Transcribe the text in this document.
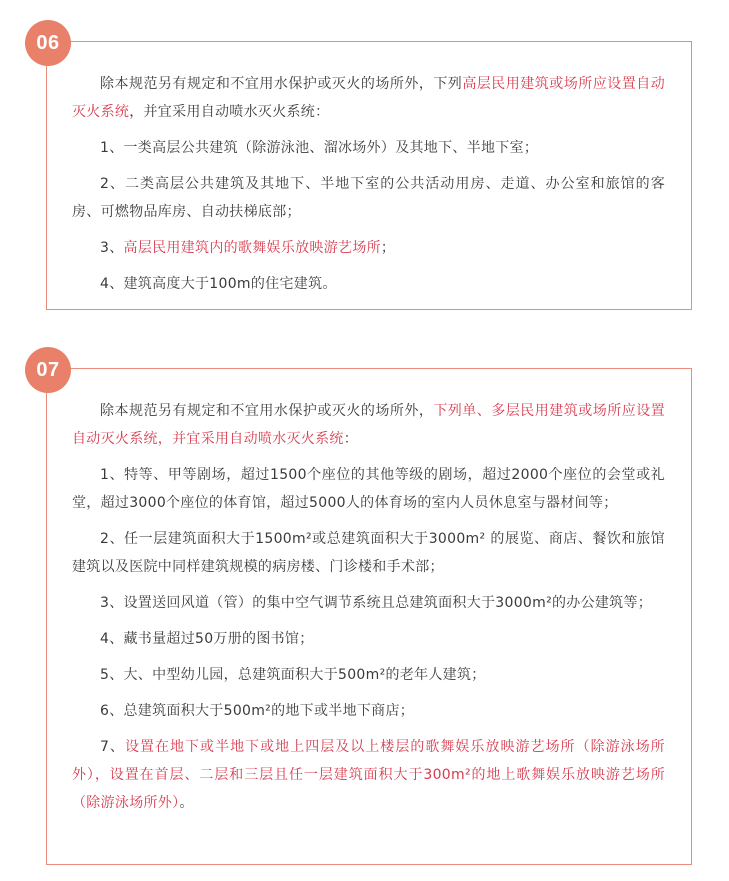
06

除本规范另有规定和不宜用水保护或灭火的场所外，下列高层民用建筑或场所应设置自动灭火系统，并宜采用自动喷水灭火系统：

1、一类高层公共建筑（除游泳池、溜冰场外）及其地下、半地下室；

2、二类高层公共建筑及其地下、半地下室的公共活动用房、走道、办公室和旅馆的客房、可燃物品库房、自动扶梯底部；

3、高层民用建筑内的歌舞娱乐放映游艺场所；

4、建筑高度大于100m的住宅建筑。

07

除本规范另有规定和不宜用水保护或灭火的场所外，下列单、多层民用建筑或场所应设置自动灭火系统，并宜采用自动喷水灭火系统：

1、特等、甲等剧场，超过1500个座位的其他等级的剧场，超过2000个座位的会堂或礼堂，超过3000个座位的体育馆，超过5000人的体育场的室内人员休息室与器材间等；

2、任一层建筑面积大于1500m²或总建筑面积大于3000m² 的展览、商店、餐饮和旅馆建筑以及医院中同样建筑规模的病房楼、门诊楼和手术部；

3、设置送回风道（管）的集中空气调节系统且总建筑面积大于3000m²的办公建筑等；

4、藏书量超过50万册的图书馆；

5、大、中型幼儿园，总建筑面积大于500m²的老年人建筑；

6、总建筑面积大于500m²的地下或半地下商店；

7、设置在地下或半地下或地上四层及以上楼层的歌舞娱乐放映游艺场所（除游泳场所外），设置在首层、二层和三层且任一层建筑面积大于300m²的地上歌舞娱乐放映游艺场所（除游泳场所外）。
